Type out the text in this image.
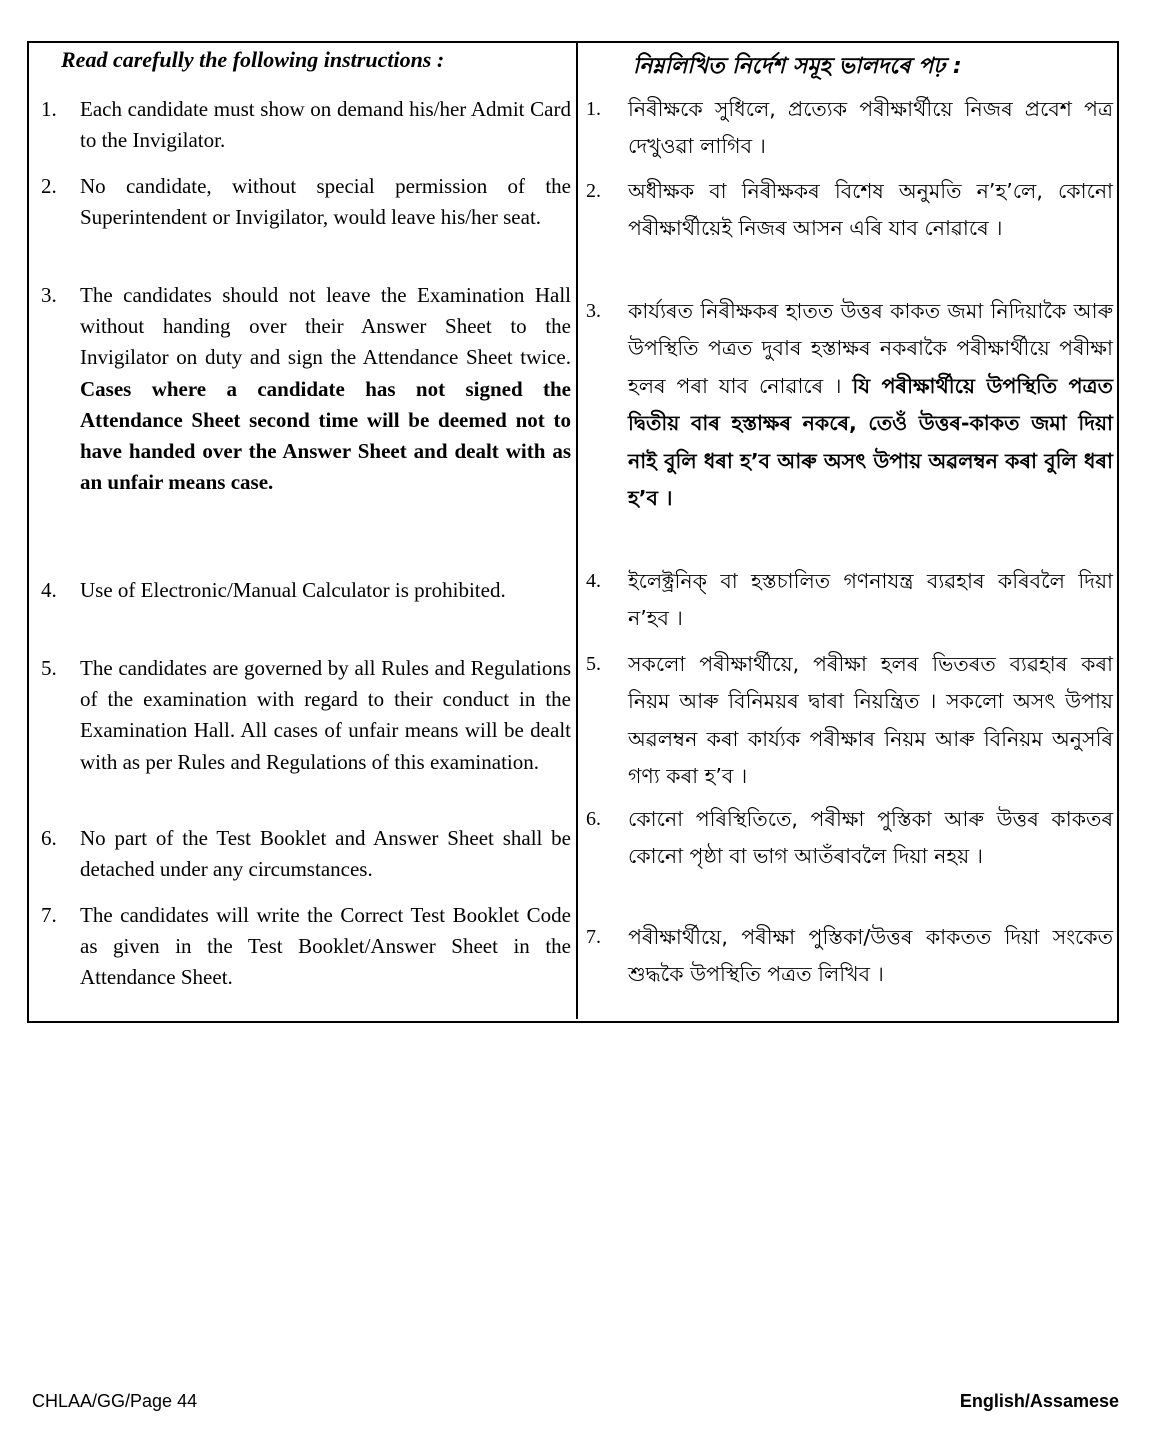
Read carefully the following instructions :
1. Each candidate must show on demand his/her Admit Card to the Invigilator.
2. No candidate, without special permission of the Superintendent or Invigilator, would leave his/her seat.
3. The candidates should not leave the Examination Hall without handing over their Answer Sheet to the Invigilator on duty and sign the Attendance Sheet twice. Cases where a candidate has not signed the Attendance Sheet second time will be deemed not to have handed over the Answer Sheet and dealt with as an unfair means case.
4. Use of Electronic/Manual Calculator is prohibited.
5. The candidates are governed by all Rules and Regulations of the examination with regard to their conduct in the Examination Hall. All cases of unfair means will be dealt with as per Rules and Regulations of this examination.
6. No part of the Test Booklet and Answer Sheet shall be detached under any circumstances.
7. The candidates will write the Correct Test Booklet Code as given in the Test Booklet/Answer Sheet in the Attendance Sheet.
নিম্নলিখিত নির্দেশ সমূহ ভালদৰে পঢ় :
1. নিৰীক্ষকে সুধিলে, প্ৰত্যেক পৰীক্ষাৰ্থীয়ে নিজৰ প্ৰবেশ পত্ৰ দেখুওৱা লাগিব ।
2. অধীক্ষক বা নিৰীক্ষকৰ বিশেষ অনুমতি ন’হ’লে, কোনো পৰীক্ষাৰ্থীয়েই নিজৰ আসন এৰি যাব নোৱাৰে ।
3. কাৰ্য্যৰত নিৰীক্ষকৰ হাতত উত্তৰ কাকত জমা নিদিয়াকৈ আৰু উপস্থিতি পত্ৰত দুবাৰ হস্তাক্ষৰ নকৰাকৈ পৰীক্ষাৰ্থীয়ে পৰীক্ষা হলৰ পৰা যাব নোৱাৰে । যি পৰীক্ষাৰ্থীয়ে উপস্থিতি পত্ৰত দ্বিতীয় বাৰ হস্তাক্ষৰ নকৰে, তেওঁ উত্তৰ-কাকত জমা দিয়া নাই বুলি ধৰা হ’ব আৰু অসৎ উপায় অৱলম্বন কৰা বুলি ধৰা হ’ব ।
4. ইলেক্ট্ৰনিক্ বা হস্তচালিত গণনাযন্ত্ৰ ব্যৱহাৰ কৰিবলৈ দিয়া ন’হব ।
5. সকলো পৰীক্ষাৰ্থীয়ে, পৰীক্ষা হলৰ ভিতৰত ব্যৱহাৰ কৰা নিয়ম আৰু বিনিময়ৰ দ্বাৰা নিয়ন্ত্ৰিত । সকলো অসৎ উপায় অৱলম্বন কৰা কাৰ্য্যক পৰীক্ষাৰ নিয়ম আৰু বিনিয়ম অনুসৰি গণ্য কৰা হ’ব ।
6. কোনো পৰিস্থিতিতে, পৰীক্ষা পুস্তিকা আৰু উত্তৰ কাকতৰ কোনো পৃষ্ঠা বা ভাগ আতঁৰাবলৈ দিয়া নহয় ।
7. পৰীক্ষাৰ্থীয়ে, পৰীক্ষা পুস্তিকা/উত্তৰ কাকতত দিয়া সংকেত শুদ্ধকৈ উপস্থিতি পত্ৰত লিখিব ।
CHLAA/GG/Page 44	English/Assamese
